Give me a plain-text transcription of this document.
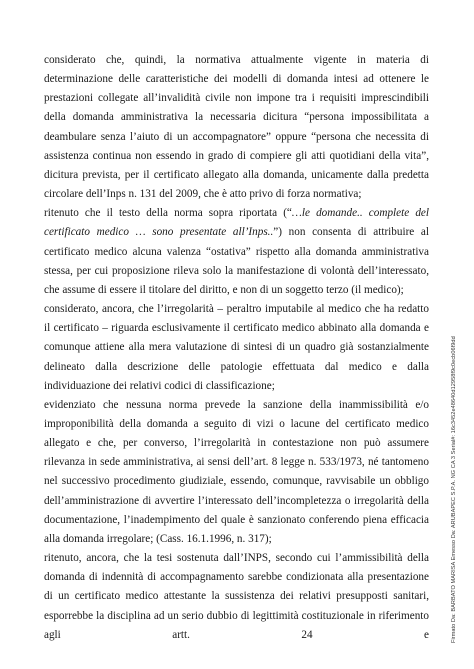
considerato che, quindi, la normativa attualmente vigente in materia di determinazione delle caratteristiche dei modelli di domanda intesi ad ottenere le prestazioni collegate all’invalidità civile non impone tra i requisiti imprescindibili della domanda amministrativa la necessaria dicitura “persona impossibilitata a deambulare senza l’aiuto di un accompagnatore” oppure “persona che necessita di assistenza continua non essendo in grado di compiere gli atti quotidiani della vita”, dicitura prevista, per il certificato allegato alla domanda, unicamente dalla predetta circolare dell’Inps n. 131 del 2009, che è atto privo di forza normativa;

ritenuto che il testo della norma sopra riportata (“…le domande.. complete del certificato medico … sono presentate all’Inps..”) non consenta di attribuire al certificato medico alcuna valenza “ostativa” rispetto alla domanda amministrativa stessa, per cui proposizione rileva solo la manifestazione di volontà dell’interessato, che assume di essere il titolare del diritto, e non di un soggetto terzo (il medico);

considerato, ancora, che l’irregolarità – peraltro imputabile al medico che ha redatto il certificato – riguarda esclusivamente il certificato medico abbinato alla domanda e comunque attiene alla mera valutazione di sintesi di un quadro già sostanzialmente delineato dalla descrizione delle patologie effettuata dal medico e dalla individuazione dei relativi codici di classificazione;

evidenziato che nessuna norma prevede la sanzione della inammissibilità e/o improponibilità della domanda a seguito di vizi o lacune del certificato medico allegato e che, per converso, l’irregolarità in contestazione non può assumere rilevanza in sede amministrativa, ai sensi dell’art. 8 legge n. 533/1973, né tantomeno nel successivo procedimento giudiziale, essendo, comunque, ravvisabile un obbligo dell’amministrazione di avvertire l’interessato dell’incompletezza o irregolarità della documentazione, l’inadempimento del quale è sanzionato conferendo piena efficacia alla domanda irregolare; (Cass. 16.1.1996, n. 317);

ritenuto, ancora, che la tesi sostenuta dall’INPS, secondo cui l’ammissibilità della domanda di indennità di accompagnamento sarebbe condizionata alla presentazione di un certificato medico attestante la sussistenza dei relativi presupposti sanitari, esporrebbe la disciplina ad un serio dubbio di legittimità costituzionale in riferimento agli artt. 24 e	Firmato Da: BARBATO MARISA Emesso Da: ARUBAPEC S.P.A. NG CA 3 Serial#: 16c3452e48640d12958f9c0ecb06f9dd
